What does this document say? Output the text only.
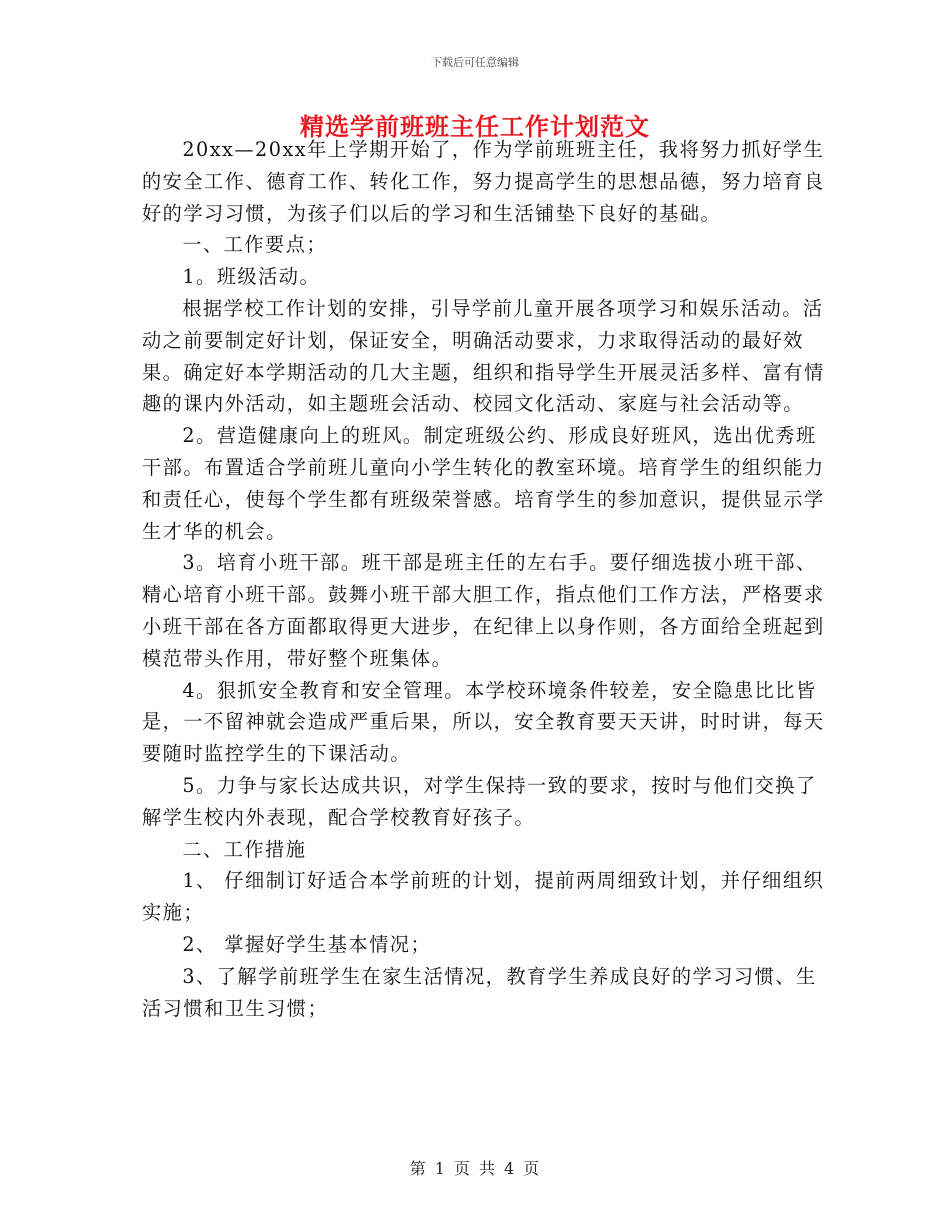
下载后可任意编辑
精选学前班班主任工作计划范文

20xx—20xx年上学期开始了，作为学前班班主任，我将努力抓好学生的安全工作、德育工作、转化工作，努力提高学生的思想品德，努力培育良好的学习习惯，为孩子们以后的学习和生活铺垫下良好的基础。

一、工作要点；

1。班级活动。

根据学校工作计划的安排，引导学前儿童开展各项学习和娱乐活动。活动之前要制定好计划，保证安全，明确活动要求，力求取得活动的最好效果。确定好本学期活动的几大主题，组织和指导学生开展灵活多样、富有情趣的课内外活动，如主题班会活动、校园文化活动、家庭与社会活动等。

2。营造健康向上的班风。制定班级公约、形成良好班风，选出优秀班干部。布置适合学前班儿童向小学生转化的教室环境。培育学生的组织能力和责任心，使每个学生都有班级荣誉感。培育学生的参加意识，提供显示学生才华的机会。

3。培育小班干部。班干部是班主任的左右手。要仔细选拔小班干部、精心培育小班干部。鼓舞小班干部大胆工作，指点他们工作方法，严格要求小班干部在各方面都取得更大进步，在纪律上以身作则，各方面给全班起到模范带头作用，带好整个班集体。

4。狠抓安全教育和安全管理。本学校环境条件较差，安全隐患比比皆是，一不留神就会造成严重后果，所以，安全教育要天天讲，时时讲，每天要随时监控学生的下课活动。

5。力争与家长达成共识，对学生保持一致的要求，按时与他们交换了解学生校内外表现，配合学校教育好孩子。

二、工作措施

1、 仔细制订好适合本学前班的计划，提前两周细致计划，并仔细组织实施；

2、 掌握好学生基本情况；

3、了解学前班学生在家生活情况，教育学生养成良好的学习习惯、生活习惯和卫生习惯；

第 1 页 共 4 页
